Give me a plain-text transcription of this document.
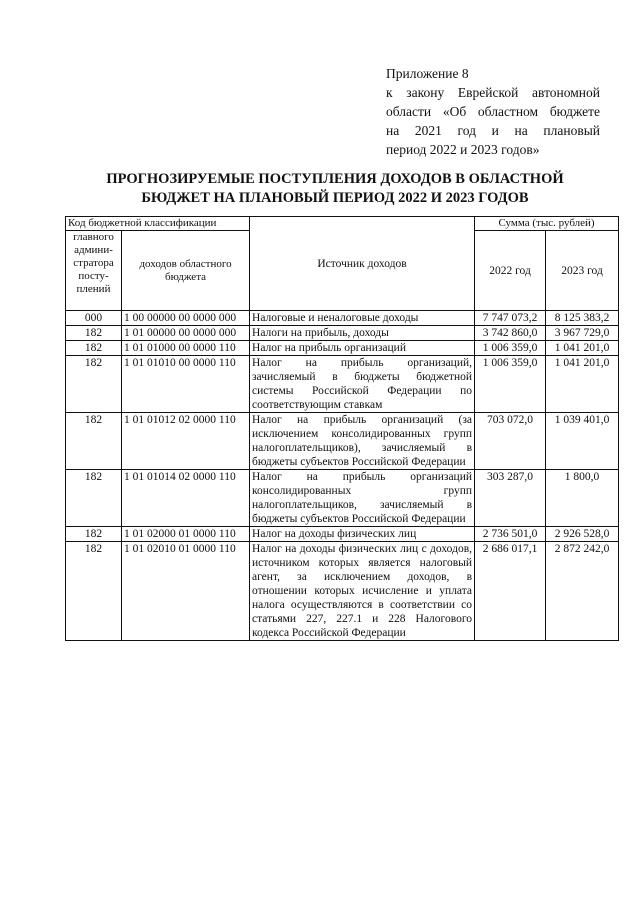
Приложение 8
к закону Еврейской автономной
области «Об областном бюджете
на 2021 год и на плановый
период 2022 и 2023 годов»
ПРОГНОЗИРУЕМЫЕ ПОСТУПЛЕНИЯ ДОХОДОВ В ОБЛАСТНОЙ
БЮДЖЕТ НА ПЛАНОВЫЙ ПЕРИОД 2022 И 2023 ГОДОВ
Код бюджетной классификации		Источник доходов	Сумма (тыс. рублей)	
главного админи-стратора посту-плений	доходов областного бюджета		2022 год	2023 год
000	1 00 00000 00 0000 000	Налоговые и неналоговые доходы	7 747 073,2	8 125 383,2
182	1 01 00000 00 0000 000	Налоги на прибыль, доходы	3 742 860,0	3 967 729,0
182	1 01 01000 00 0000 110	Налог на прибыль организаций	1 006 359,0	1 041 201,0
182	1 01 01010 00 0000 110	Налог на прибыль организаций, зачисляемый в бюджеты бюджетной системы Российской Федерации по соответствующим ставкам	1 006 359,0	1 041 201,0
182	1 01 01012 02 0000 110	Налог на прибыль организаций (за исключением консолидированных групп налогоплательщиков), зачисляемый в бюджеты субъектов Российской Федерации	703 072,0	1 039 401,0
182	1 01 01014 02 0000 110	Налог на прибыль организаций консолидированных групп налогоплательщиков, зачисляемый в бюджеты субъектов Российской Федерации	303 287,0	1 800,0
182	1 01 02000 01 0000 110	Налог на доходы физических лиц	2 736 501,0	2 926 528,0
182	1 01 02010 01 0000 110	Налог на доходы физических лиц с доходов, источником которых является налоговый агент, за исключением доходов, в отношении которых исчисление и уплата налога осуществляются в соответствии со статьями 227, 227.1 и 228 Налогового кодекса Российской Федерации	2 686 017,1	2 872 242,0
